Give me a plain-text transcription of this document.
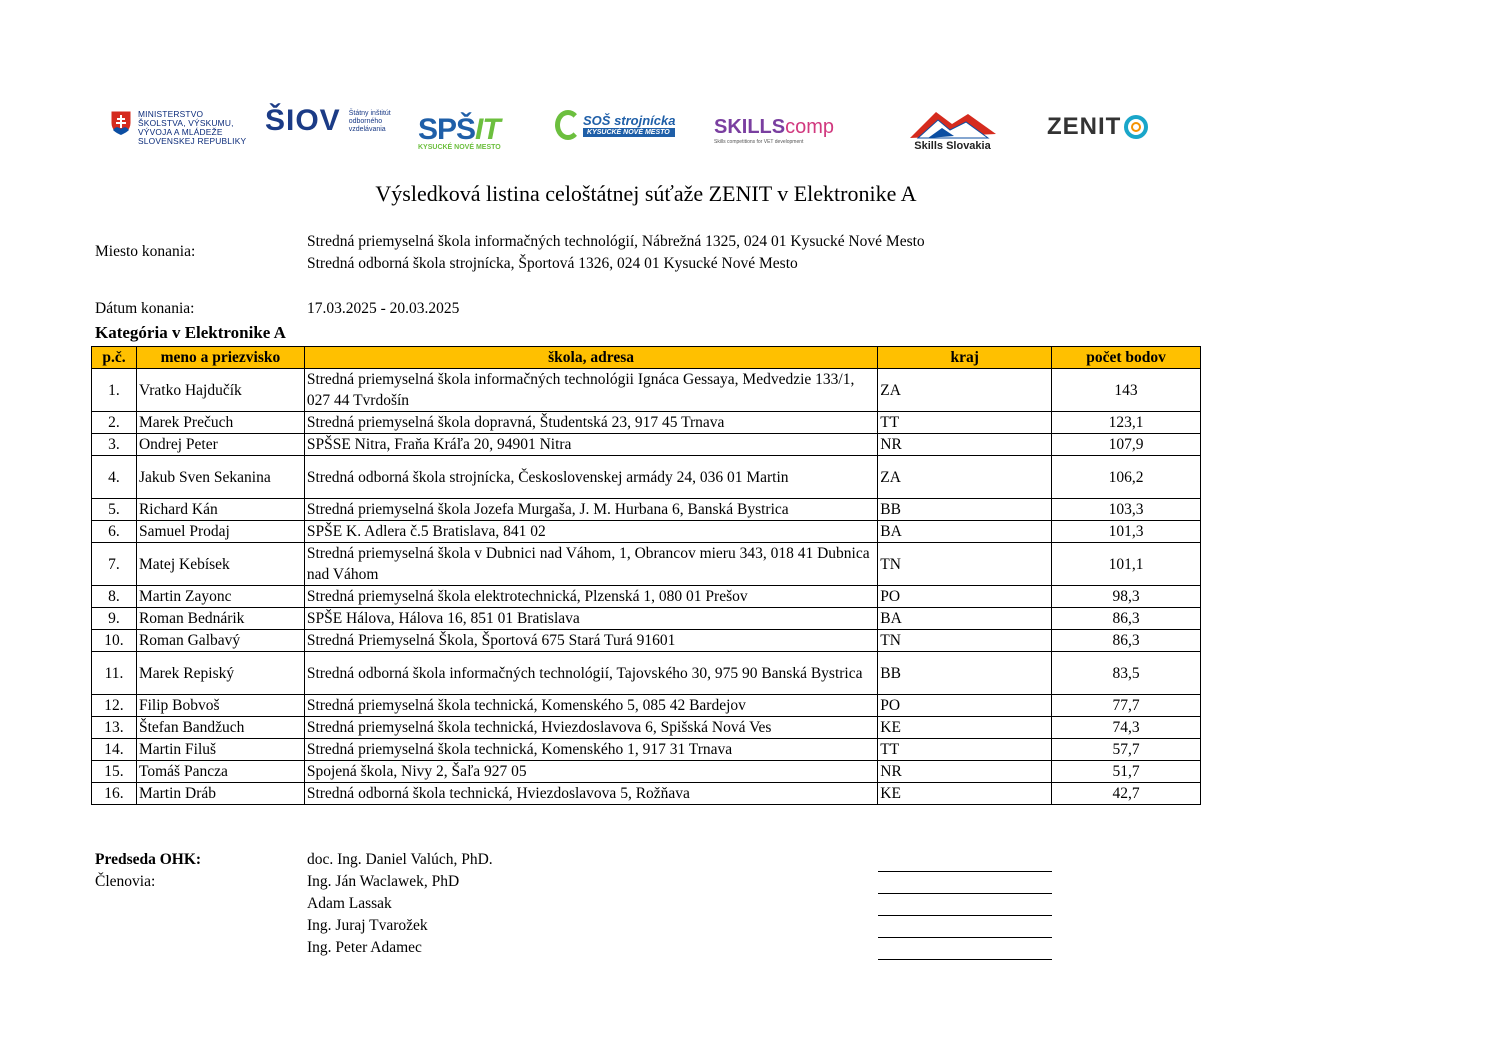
MINISTERSTVO
ŠKOLSTVA, VÝSKUMU,
VÝVOJA A MLÁDEŽE
SLOVENSKEJ REPUBLIKY
ŠIOV Štátny inštitút odborného vzdelávania	SPŠIT
KYSUCKÉ NOVÉ MESTO
SOŠ strojnícka
KYSUCKÉ NOVÉ MESTO SKILLScomp
Skills competitions for VET development	Skills Slovakia
ZENIT
Výsledková listina celoštátnej súťaže ZENIT v Elektronike A
Miesto konania:
Stredná priemyselná škola informačných technológií, Nábrežná 1325, 024 01 Kysucké Nové Mesto
Stredná odborná škola strojnícka, Športová 1326, 024 01 Kysucké Nové Mesto
Dátum konania:	17.03.2025 - 20.03.2025
Kategória v Elektronike A
p.č.	meno a priezvisko	škola, adresa	kraj	počet bodov
1.	Vratko Hajdučík	Stredná priemyselná škola informačných technológii Ignáca Gessaya, Medvedzie 133/1, 027 44 Tvrdošín	ZA	143
2.	Marek Prečuch	Stredná priemyselná škola dopravná, Študentská 23, 917 45 Trnava	TT	123,1
3.	Ondrej Peter	SPŠSE Nitra, Fraňa Kráľa 20, 94901 Nitra	NR	107,9
4.	Jakub Sven Sekanina	Stredná odborná škola strojnícka, Československej armády 24, 036 01 Martin	ZA	106,2
5.	Richard Kán	Stredná priemyselná škola Jozefa Murgaša, J. M. Hurbana 6, Banská Bystrica	BB	103,3
6.	Samuel Prodaj	SPŠE K. Adlera č.5 Bratislava, 841 02	BA	101,3
7.	Matej Kebísek	Stredná priemyselná škola v Dubnici nad Váhom, 1, Obrancov mieru 343, 018 41 Dubnica nad Váhom	TN	101,1
8.	Martin Zayonc	Stredná priemyselná škola elektrotechnická, Plzenská 1, 080 01 Prešov	PO	98,3
9.	Roman Bednárik	SPŠE Hálova, Hálova 16, 851 01 Bratislava	BA	86,3
10.	Roman Galbavý	Stredná Priemyselná Škola, Športová 675 Stará Turá 91601	TN	86,3
11.	Marek Repiský	Stredná odborná škola informačných technológií, Tajovského 30, 975 90 Banská Bystrica	BB	83,5
12.	Filip Bobvoš	Stredná priemyselná škola technická, Komenského 5, 085 42 Bardejov	PO	77,7
13.	Štefan Bandžuch	Stredná priemyselná škola technická, Hviezdoslavova 6, Spišská Nová Ves	KE	74,3
14.	Martin Filuš	Stredná priemyselná škola technická, Komenského 1, 917 31 Trnava	TT	57,7
15.	Tomáš Pancza	Spojená škola, Nivy 2, Šaľa 927 05	NR	51,7
16.	Martin Dráb	Stredná odborná škola technická, Hviezdoslavova 5, Rožňava	KE	42,7
Predseda OHK:	doc. Ing. Daniel Valúch, PhD.
Členovia:	Ing. Ján Waclawek, PhD
Adam Lassak
Ing. Juraj Tvarožek
Ing. Peter Adamec
